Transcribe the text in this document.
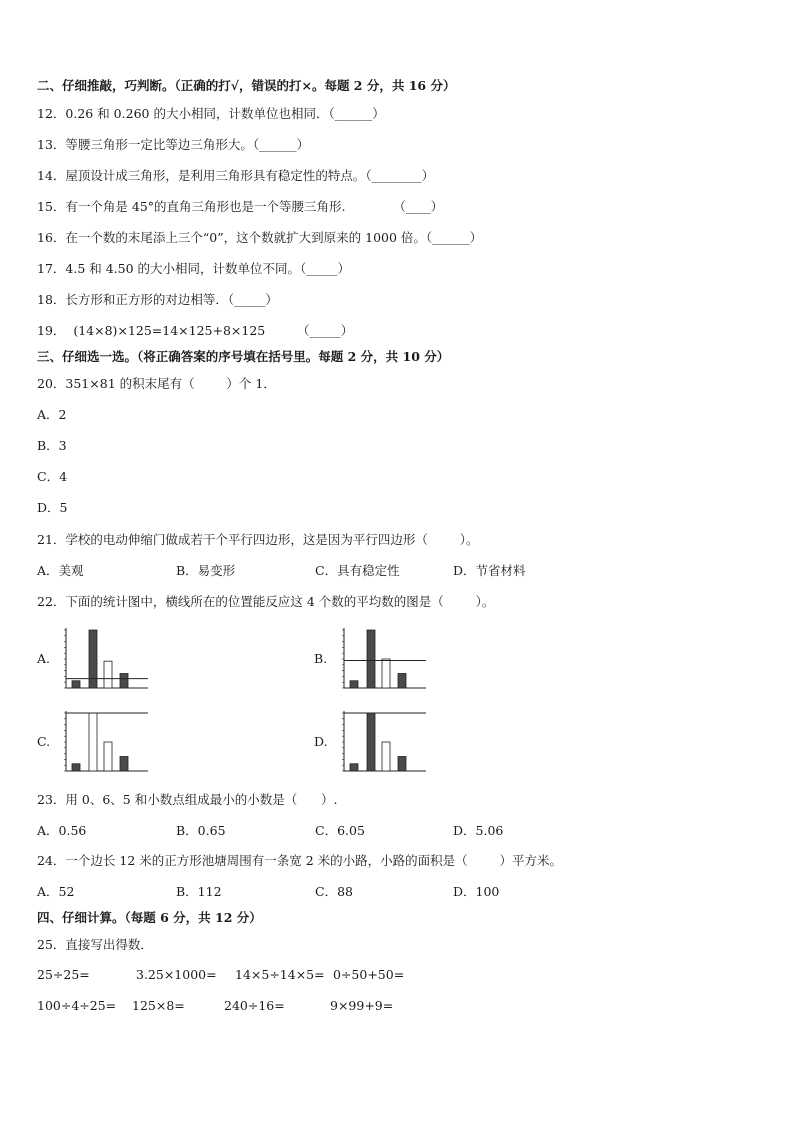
二、仔细推敲，巧判断。（正确的打√，错误的打×。每题 2 分，共 16 分）
12．0.26 和 0.260 的大小相同，计数单位也相同．（______）
13．等腰三角形一定比等边三角形大。（______）
14．屋顶设计成三角形，是利用三角形具有稳定性的特点。（________）
15．有一个角是 45°的直角三角形也是一个等腰三角形.            （____）
16．在一个数的末尾添上三个“0”，这个数就扩大到原来的 1000 倍。（______）
17．4.5 和 4.50 的大小相同，计数单位不同。（_____）
18．长方形和正方形的对边相等．（_____）
19．  (14×8)×125=14×125+8×125        （_____）
三、仔细选一选。（将正确答案的序号填在括号里。每题 2 分，共 10 分）
20．351×81 的积末尾有（        ）个 1．
A．2
B．3
C．4
D．5
21．学校的电动伸缩门做成若干个平行四边形，这是因为平行四边形（        ）。
A．美观	B．易变形	C．具有稳定性	D．节省材料
22．下面的统计图中，横线所在的位置能反应这 4 个数的平均数的图是（        ）。
A.	B.
C.	D.
23．用 0、6、5 和小数点组成最小的小数是（      ）.
A．0.56	B．0.65	C．6.05	D．5.06
24．一个边长 12 米的正方形池塘周围有一条宽 2 米的小路，小路的面积是（        ）平方米。
A．52	B．112	C．88	D．100
四、仔细计算。（每题 6 分，共 12 分）
25．直接写出得数．
25÷25=	3.25×1000= 14×5÷14×5= 0÷50+50=
100÷4÷25= 125×8=	240÷16=	9×99+9=
